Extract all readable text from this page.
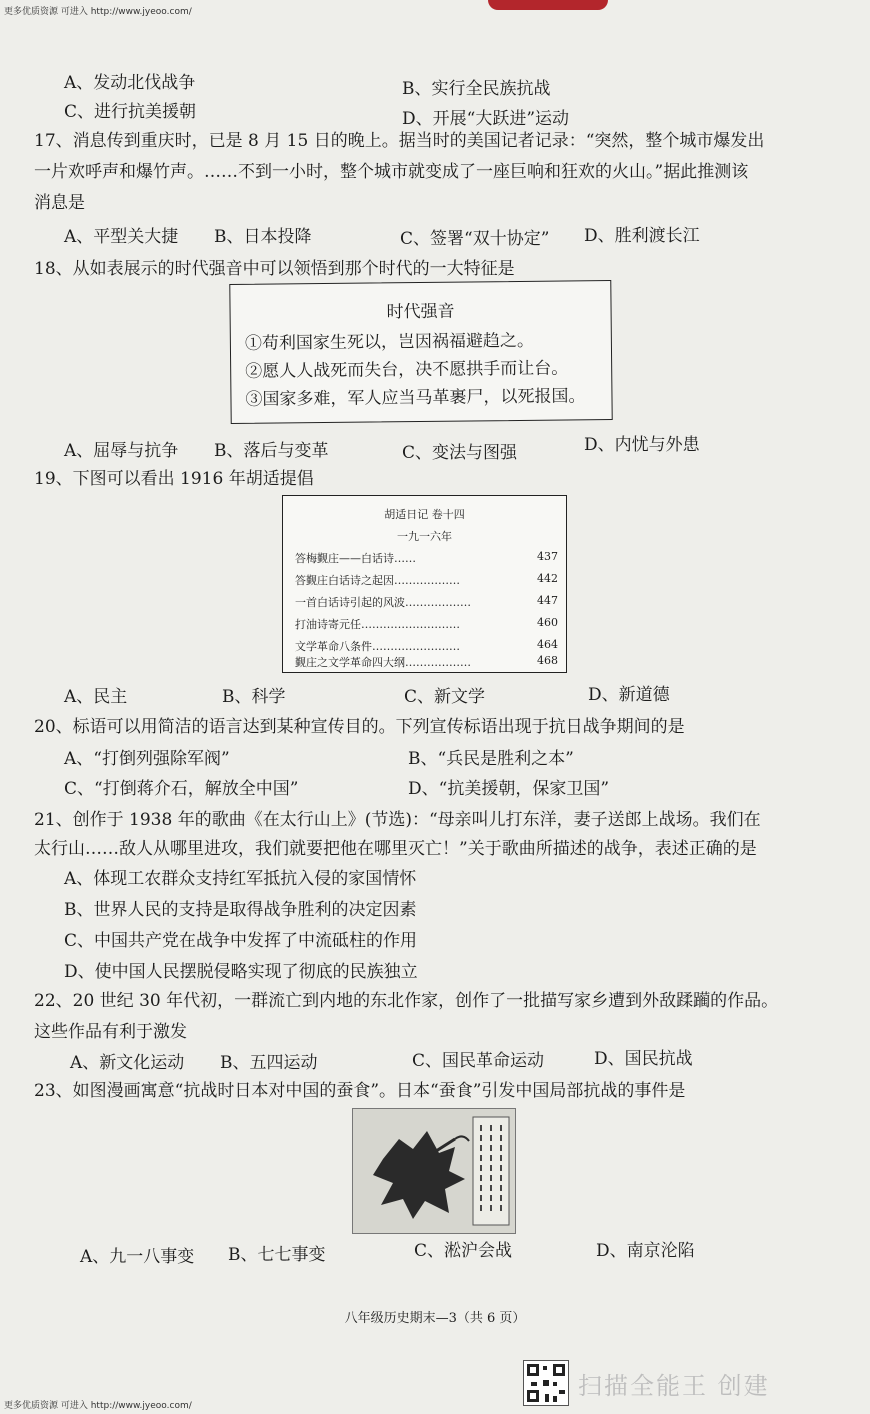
更多优质资源 可进入 http://www.jyeoo.com/
A、发动北伐战争	B、实行全民族抗战
C、进行抗美援朝	D、开展“大跃进”运动
17、消息传到重庆时，已是 8 月 15 日的晚上。据当时的美国记者记录：“突然，整个城市爆发出
一片欢呼声和爆竹声。……不到一小时，整个城市就变成了一座巨响和狂欢的火山。”据此推测该
消息是
A、平型关大捷 B、日本投降	C、签署“双十协定” D、胜利渡长江
18、从如表展示的时代强音中可以领悟到那个时代的一大特征是
时代强音
①苟利国家生死以，岂因祸福避趋之。
②愿人人战死而失台，决不愿拱手而让台。
③国家多难，军人应当马革裹尸，以死报国。
A、屈辱与抗争 B、落后与变革	C、变法与图强	D、内忧与外患
19、下图可以看出 1916 年胡适提倡
胡适日记 卷十四
一九一六年
答梅觐庄——白话诗……	437
答觐庄白话诗之起因………………	442
一首白话诗引起的风波………………	447
打油诗寄元任………………………	460
文学革命八条件……………………	464
觐庄之文学革命四大纲………………	468
A、民主	B、科学	C、新文学	D、新道德
20、标语可以用简洁的语言达到某种宣传目的。下列宣传标语出现于抗日战争期间的是
A、“打倒列强除军阀”	B、“兵民是胜利之本”
C、“打倒蒋介石，解放全中国”	D、“抗美援朝，保家卫国”
21、创作于 1938 年的歌曲《在太行山上》(节选)：“母亲叫儿打东洋，妻子送郎上战场。我们在
太行山……敌人从哪里进攻，我们就要把他在哪里灭亡！”关于歌曲所描述的战争，表述正确的是
A、体现工农群众支持红军抵抗入侵的家国情怀
B、世界人民的支持是取得战争胜利的决定因素
C、中国共产党在战争中发挥了中流砥柱的作用
D、使中国人民摆脱侵略实现了彻底的民族独立
22、20 世纪 30 年代初，一群流亡到内地的东北作家，创作了一批描写家乡遭到外敌蹂躏的作品。
这些作品有利于激发
A、新文化运动 B、五四运动	C、国民革命运动	D、国民抗战
23、如图漫画寓意“抗战时日本对中国的蚕食”。日本“蚕食”引发中国局部抗战的事件是
A、九一八事变 B、七七事变	C、淞沪会战	D、南京沦陷
八年级历史期末—3（共 6 页）
扫描全能王 创建
更多优质资源 可进入 http://www.jyeoo.com/
